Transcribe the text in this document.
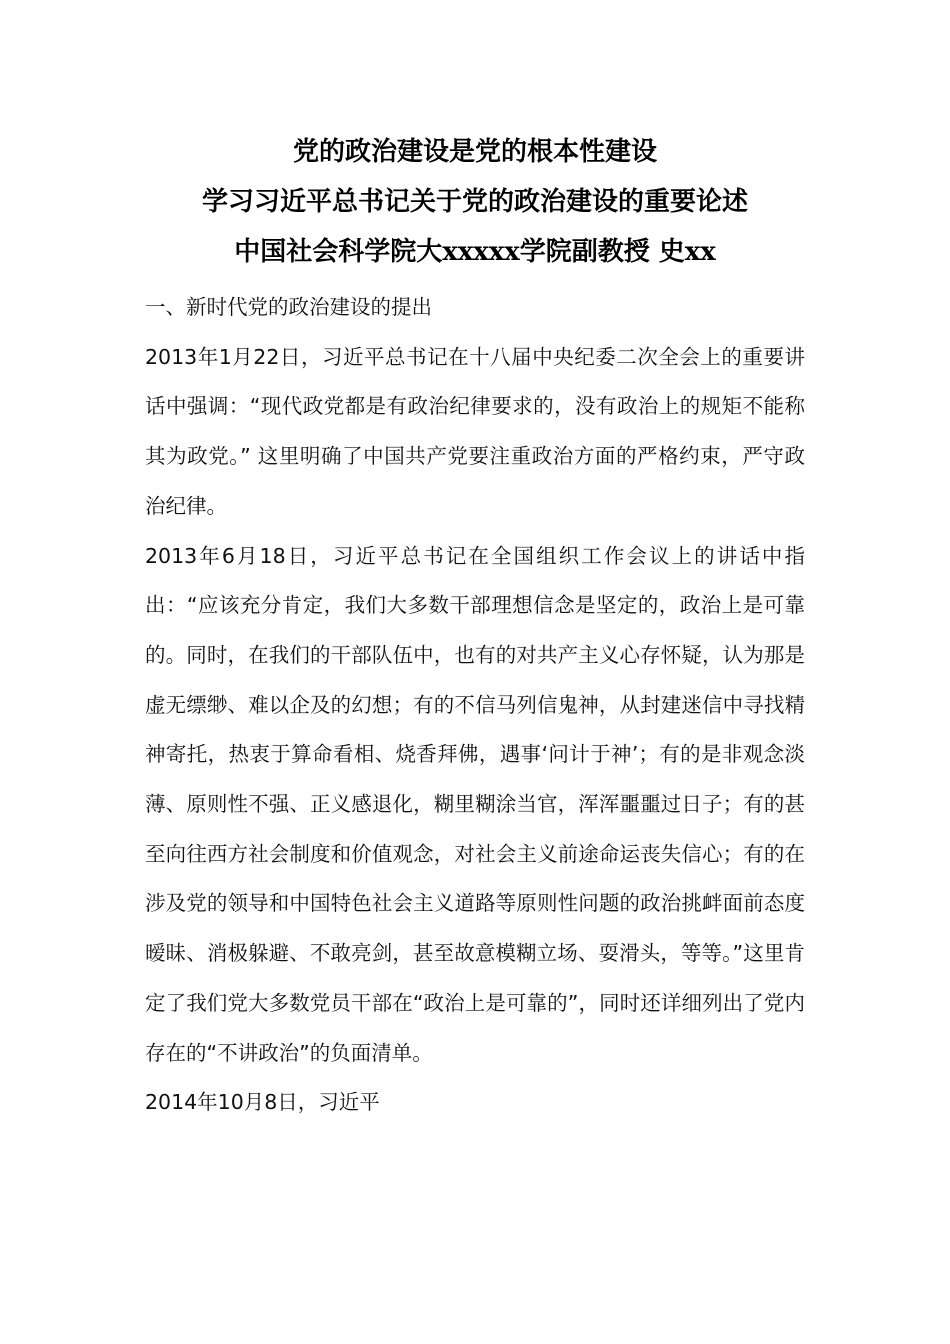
党的政治建设是党的根本性建设
学习习近平总书记关于党的政治建设的重要论述
中国社会科学院大xxxxx学院副教授 史xx

一、新时代党的政治建设的提出

2013年1月22日，习近平总书记在十八届中央纪委二次全会上的重要讲话中强调：“现代政党都是有政治纪律要求的，没有政治上的规矩不能称其为政党。” 这里明确了中国共产党要注重政治方面的严格约束，严守政治纪律。

2013年6月18日，习近平总书记在全国组织工作会议上的讲话中指出：“应该充分肯定，我们大多数干部理想信念是坚定的，政治上是可靠的。同时，在我们的干部队伍中，也有的对共产主义心存怀疑，认为那是虚无缥缈、难以企及的幻想；有的不信马列信鬼神，从封建迷信中寻找精神寄托，热衷于算命看相、烧香拜佛，遇事‘问计于神’；有的是非观念淡薄、原则性不强、正义感退化，糊里糊涂当官，浑浑噩噩过日子；有的甚至向往西方社会制度和价值观念，对社会主义前途命运丧失信心；有的在涉及党的领导和中国特色社会主义道路等原则性问题的政治挑衅面前态度暧昧、消极躲避、不敢亮剑，甚至故意模糊立场、耍滑头，等等。”这里肯定了我们党大多数党员干部在“政治上是可靠的”，同时还详细列出了党内存在的“不讲政治”的负面清单。

2014年10月8日，习近平
